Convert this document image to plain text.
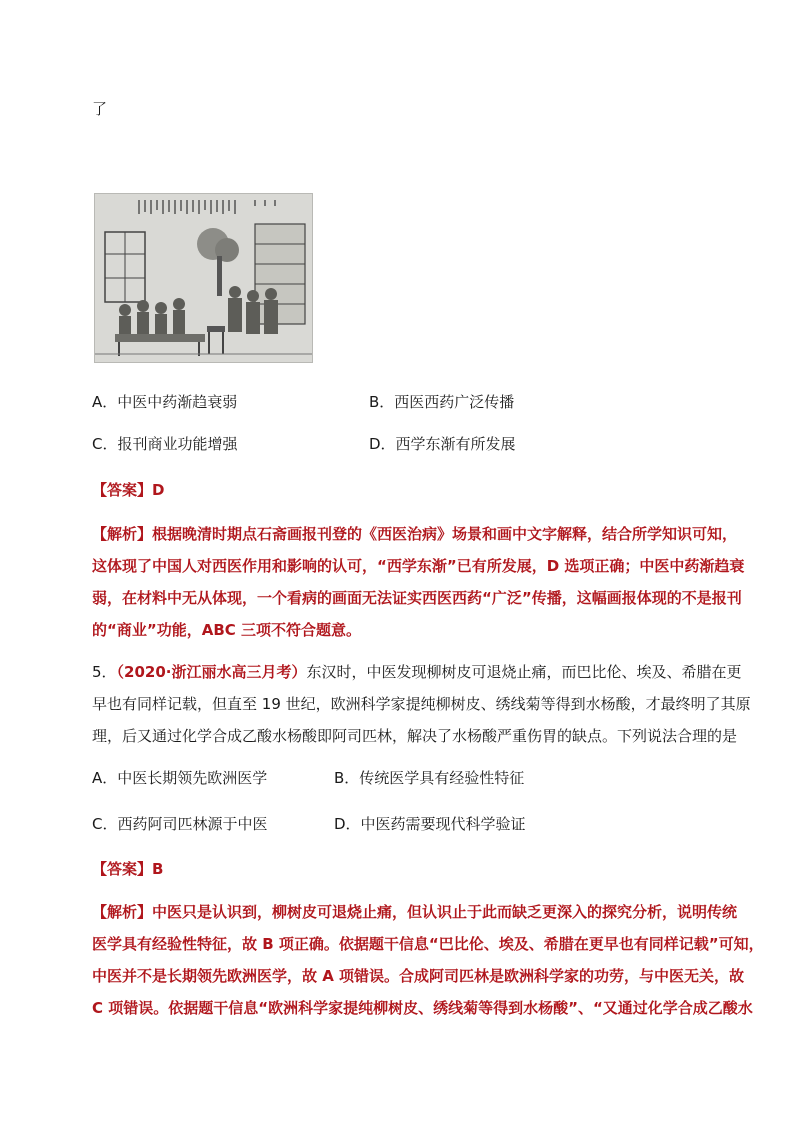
了
A．中医中药渐趋衰弱	B．西医西药广泛传播
C．报刊商业功能增强	D．西学东渐有所发展
【答案】D
【解析】根据晚清时期点石斋画报刊登的《西医治病》场景和画中文字解释，结合所学知识可知，
这体现了中国人对西医作用和影响的认可，“西学东渐”已有所发展，D 选项正确；中医中药渐趋衰
弱，在材料中无从体现，一个看病的画面无法证实西医西药“广泛”传播，这幅画报体现的不是报刊
的“商业”功能，ABC 三项不符合题意。
5．（2020·浙江丽水高三月考）东汉时，中医发现柳树皮可退烧止痛，而巴比伦、埃及、希腊在更
早也有同样记载，但直至 19 世纪，欧洲科学家提纯柳树皮、绣线菊等得到水杨酸，才最终明了其原
理，后又通过化学合成乙酸水杨酸即阿司匹林，解决了水杨酸严重伤胃的缺点。下列说法合理的是
A．中医长期领先欧洲医学	B．传统医学具有经验性特征
C．西药阿司匹林源于中医	D．中医药需要现代科学验证
【答案】B
【解析】中医只是认识到，柳树皮可退烧止痛，但认识止于此而缺乏更深入的探究分析，说明传统
医学具有经验性特征，故 B 项正确。依据题干信息“巴比伦、埃及、希腊在更早也有同样记载”可知，
中医并不是长期领先欧洲医学，故 A 项错误。合成阿司匹林是欧洲科学家的功劳，与中医无关，故
C 项错误。依据题干信息“欧洲科学家提纯柳树皮、绣线菊等得到水杨酸”、“又通过化学合成乙酸水
